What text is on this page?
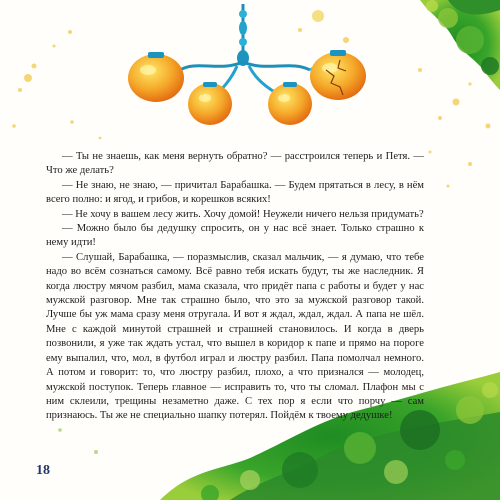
— Ты не знаешь, как меня вернуть обратно? — расстроился теперь и Петя. — Что же делать?

— Не знаю, не знаю, — причитал Барабашка. — Будем прятаться в лесу, в нём всего полно: и ягод, и грибов, и корешков всяких!

— Не хочу в вашем лесу жить. Хочу домой! Неужели ничего нельзя придумать?

— Можно было бы дедушку спросить, он у нас всё знает. Только страшно к нему идти!

— Слушай, Барабашка, — поразмыслив, сказал мальчик, — я думаю, что тебе надо во всём сознаться самому. Всё равно тебя искать будут, ты же наследник. Я когда люстру мячом разбил, мама сказала, что придёт папа с работы и будет у нас мужской разговор. Мне так страшно было, что это за мужской разговор такой. Лучше бы уж мама сразу меня отругала. И вот я ждал, ждал, ждал. А папа не шёл. Мне с каждой минутой страшней и страшней становилось. И когда в дверь позвонили, я уже так ждать устал, что вышел в коридор к папе и прямо на пороге ему выпалил, что, мол, в футбол играл и люстру разбил. Папа помолчал немного. А потом и говорит: то, что люстру разбил, плохо, а что признался — молодец, мужской поступок. Теперь главное — исправить то, что ты сломал. Плафон мы с ним склеили, трещины незаметно даже. С тех пор я если что порчу — сам признаюсь. Ты же не специально шапку потерял. Пойдём к твоему дедушке!

18
